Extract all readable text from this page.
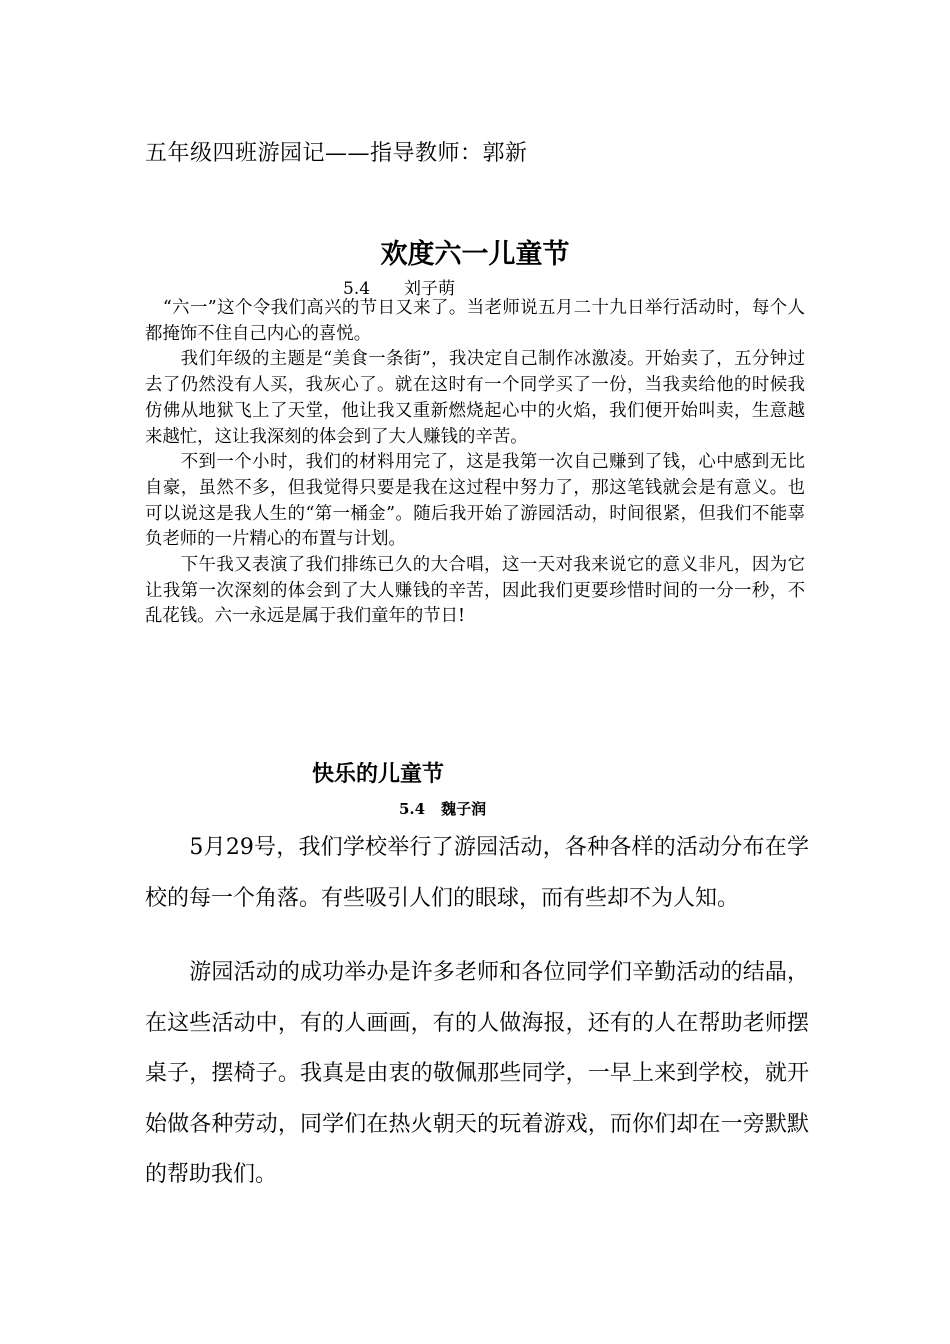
五年级四班游园记——指导教师：郭新
欢度六一儿童节
5.4 刘子萌

　“六一”这个令我们高兴的节日又来了。当老师说五月二十九日举行活动时，每个人都掩饰不住自己内心的喜悦。

　　我们年级的主题是“美食一条街”，我决定自己制作冰激凌。开始卖了，五分钟过去了仍然没有人买，我灰心了。就在这时有一个同学买了一份，当我卖给他的时候我仿佛从地狱飞上了天堂，他让我又重新燃烧起心中的火焰，我们便开始叫卖，生意越来越忙，这让我深刻的体会到了大人赚钱的辛苦。

　　不到一个小时，我们的材料用完了，这是我第一次自己赚到了钱，心中感到无比自豪，虽然不多，但我觉得只要是我在这过程中努力了，那这笔钱就会是有意义。也可以说这是我人生的“第一桶金”。随后我开始了游园活动，时间很紧，但我们不能辜负老师的一片精心的布置与计划。

　　下午我又表演了我们排练已久的大合唱，这一天对我来说它的意义非凡，因为它让我第一次深刻的体会到了大人赚钱的辛苦，因此我们更要珍惜时间的一分一秒，不乱花钱。六一永远是属于我们童年的节日!

快乐的儿童节
5.4 魏子润

　　5月29号，我们学校举行了游园活动，各种各样的活动分布在学校的每一个角落。有些吸引人们的眼球，而有些却不为人知。

　　游园活动的成功举办是许多老师和各位同学们辛勤活动的结晶，在这些活动中，有的人画画，有的人做海报，还有的人在帮助老师摆桌子，摆椅子。我真是由衷的敬佩那些同学，一早上来到学校，就开始做各种劳动，同学们在热火朝天的玩着游戏，而你们却在一旁默默的帮助我们。
